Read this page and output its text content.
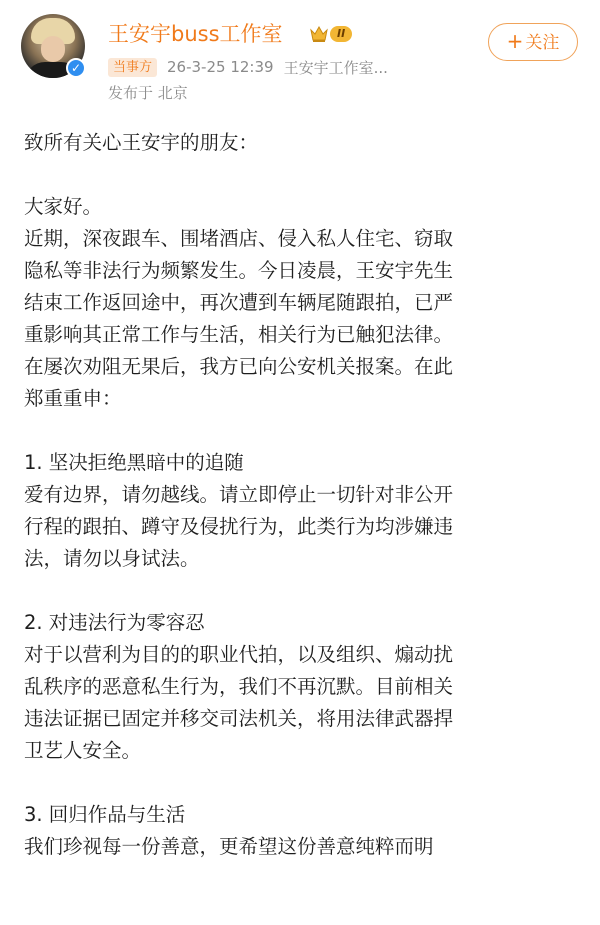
✓
王安宇buss工作室	II	+ 关注
当事方	26-3-25 12:39 王安宇工作室...
发布于 北京
致所有关心王安宇的朋友：
大家好。
近期，深夜跟车、围堵酒店、侵入私人住宅、窃取
隐私等非法行为频繁发生。今日凌晨，王安宇先生
结束工作返回途中，再次遭到车辆尾随跟拍，已严
重影响其正常工作与生活，相关行为已触犯法律。
在屡次劝阻无果后，我方已向公安机关报案。在此
郑重重申：
1. 坚决拒绝黑暗中的追随
爱有边界，请勿越线。请立即停止一切针对非公开
行程的跟拍、蹲守及侵扰行为，此类行为均涉嫌违
法，请勿以身试法。
2. 对违法行为零容忍
对于以营利为目的的职业代拍，以及组织、煽动扰
乱秩序的恶意私生行为，我们不再沉默。目前相关
违法证据已固定并移交司法机关，将用法律武器捍
卫艺人安全。
3. 回归作品与生活
我们珍视每一份善意，更希望这份善意纯粹而明
